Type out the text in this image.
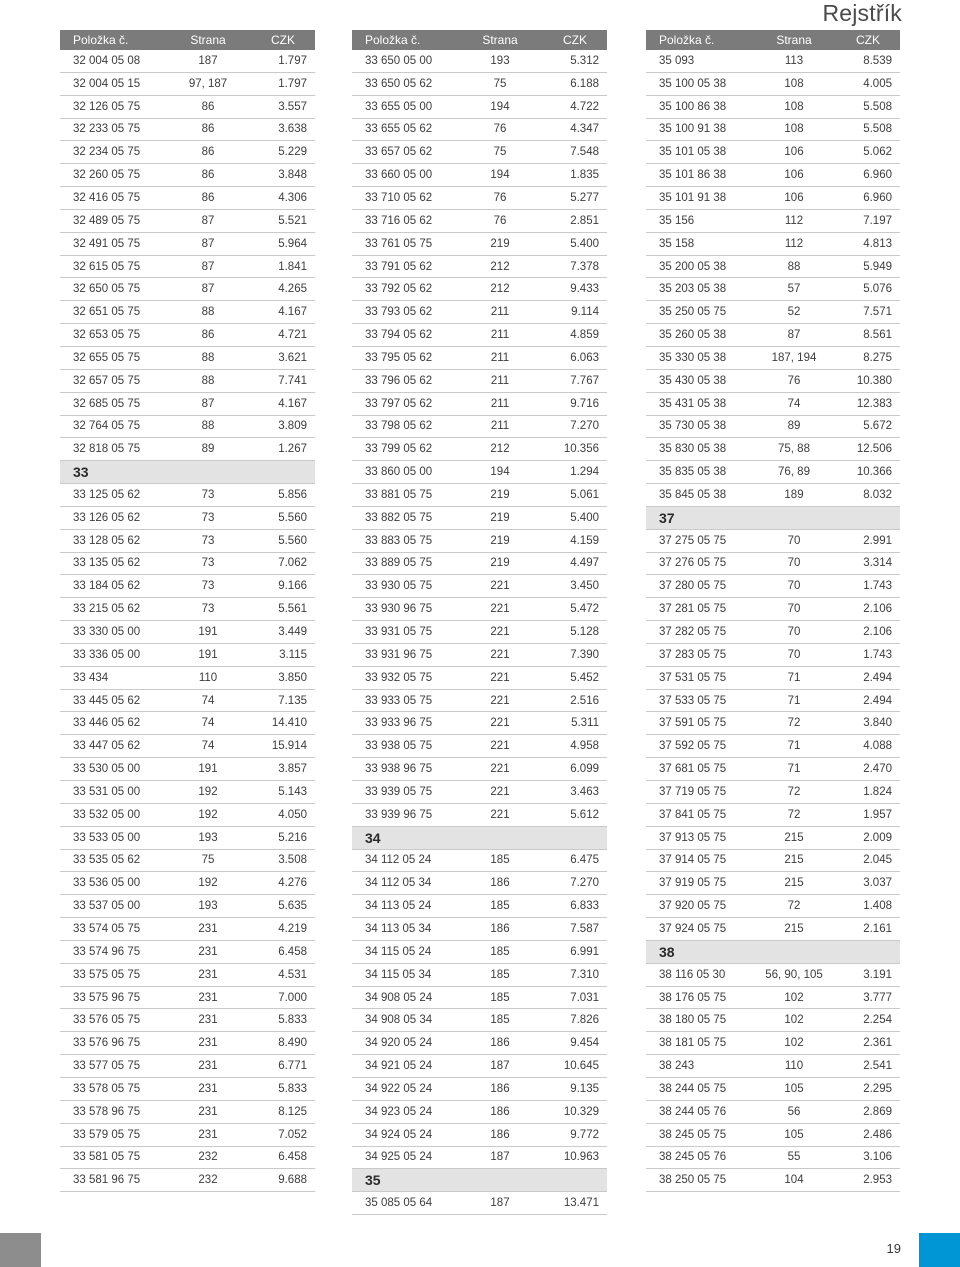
Rejstřík
Položka č.	Strana	CZK
32 004 05 08	187	1.797
32 004 05 15	97, 187	1.797
32 126 05 75	86	3.557
32 233 05 75	86	3.638
32 234 05 75	86	5.229
32 260 05 75	86	3.848
32 416 05 75	86	4.306
32 489 05 75	87	5.521
32 491 05 75	87	5.964
32 615 05 75	87	1.841
32 650 05 75	87	4.265
32 651 05 75	88	4.167
32 653 05 75	86	4.721
32 655 05 75	88	3.621
32 657 05 75	88	7.741
32 685 05 75	87	4.167
32 764 05 75	88	3.809
32 818 05 75	89	1.267
33
33 125 05 62	73	5.856
33 126 05 62	73	5.560
33 128 05 62	73	5.560
33 135 05 62	73	7.062
33 184 05 62	73	9.166
33 215 05 62	73	5.561
33 330 05 00	191	3.449
33 336 05 00	191	3.115
33 434	110	3.850
33 445 05 62	74	7.135
33 446 05 62	74	14.410
33 447 05 62	74	15.914
33 530 05 00	191	3.857
33 531 05 00	192	5.143
33 532 05 00	192	4.050
33 533 05 00	193	5.216
33 535 05 62	75	3.508
33 536 05 00	192	4.276
33 537 05 00	193	5.635
33 574 05 75	231	4.219
33 574 96 75	231	6.458
33 575 05 75	231	4.531
33 575 96 75	231	7.000
33 576 05 75	231	5.833
33 576 96 75	231	8.490
33 577 05 75	231	6.771
33 578 05 75	231	5.833
33 578 96 75	231	8.125
33 579 05 75	231	7.052
33 581 05 75	232	6.458
33 581 96 75	232	9.688
Položka č.	Strana	CZK
33 650 05 00	193	5.312
33 650 05 62	75	6.188
33 655 05 00	194	4.722
33 655 05 62	76	4.347
33 657 05 62	75	7.548
33 660 05 00	194	1.835
33 710 05 62	76	5.277
33 716 05 62	76	2.851
33 761 05 75	219	5.400
33 791 05 62	212	7.378
33 792 05 62	212	9.433
33 793 05 62	211	9.114
33 794 05 62	211	4.859
33 795 05 62	211	6.063
33 796 05 62	211	7.767
33 797 05 62	211	9.716
33 798 05 62	211	7.270
33 799 05 62	212	10.356
33 860 05 00	194	1.294
33 881 05 75	219	5.061
33 882 05 75	219	5.400
33 883 05 75	219	4.159
33 889 05 75	219	4.497
33 930 05 75	221	3.450
33 930 96 75	221	5.472
33 931 05 75	221	5.128
33 931 96 75	221	7.390
33 932 05 75	221	5.452
33 933 05 75	221	2.516
33 933 96 75	221	5.311
33 938 05 75	221	4.958
33 938 96 75	221	6.099
33 939 05 75	221	3.463
33 939 96 75	221	5.612
34
34 112 05 24	185	6.475
34 112 05 34	186	7.270
34 113 05 24	185	6.833
34 113 05 34	186	7.587
34 115 05 24	185	6.991
34 115 05 34	185	7.310
34 908 05 24	185	7.031
34 908 05 34	185	7.826
34 920 05 24	186	9.454
34 921 05 24	187	10.645
34 922 05 24	186	9.135
34 923 05 24	186	10.329
34 924 05 24	186	9.772
34 925 05 24	187	10.963
35
35 085 05 64	187	13.471
Položka č.	Strana	CZK
35 093	113	8.539
35 100 05 38	108	4.005
35 100 86 38	108	5.508
35 100 91 38	108	5.508
35 101 05 38	106	5.062
35 101 86 38	106	6.960
35 101 91 38	106	6.960
35 156	112	7.197
35 158	112	4.813
35 200 05 38	88	5.949
35 203 05 38	57	5.076
35 250 05 75	52	7.571
35 260 05 38	87	8.561
35 330 05 38	187, 194	8.275
35 430 05 38	76	10.380
35 431 05 38	74	12.383
35 730 05 38	89	5.672
35 830 05 38	75, 88	12.506
35 835 05 38	76, 89	10.366
35 845 05 38	189	8.032
37
37 275 05 75	70	2.991
37 276 05 75	70	3.314
37 280 05 75	70	1.743
37 281 05 75	70	2.106
37 282 05 75	70	2.106
37 283 05 75	70	1.743
37 531 05 75	71	2.494
37 533 05 75	71	2.494
37 591 05 75	72	3.840
37 592 05 75	71	4.088
37 681 05 75	71	2.470
37 719 05 75	72	1.824
37 841 05 75	72	1.957
37 913 05 75	215	2.009
37 914 05 75	215	2.045
37 919 05 75	215	3.037
37 920 05 75	72	1.408
37 924 05 75	215	2.161
38
38 116 05 30	56, 90, 105	3.191
38 176 05 75	102	3.777
38 180 05 75	102	2.254
38 181 05 75	102	2.361
38 243	110	2.541
38 244 05 75	105	2.295
38 244 05 76	56	2.869
38 245 05 75	105	2.486
38 245 05 76	55	3.106
38 250 05 75	104	2.953
19
